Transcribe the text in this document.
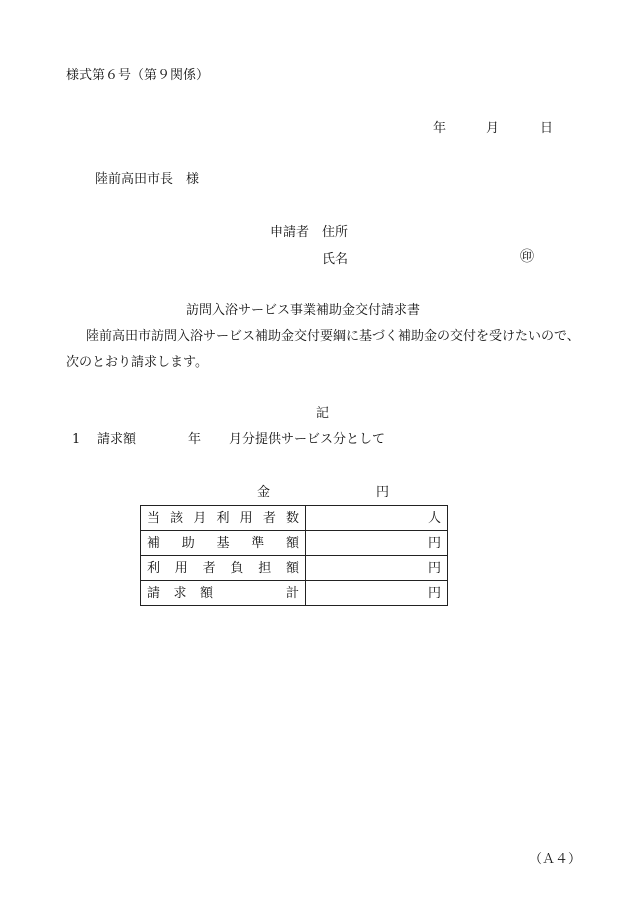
様式第６号（第９関係）
年	月	日
陸前高田市長　様
申請者 住所
氏名	㊞
訪問入浴サービス事業補助金交付請求書
陸前高田市訪問入浴サービス補助金交付要綱に基づく補助金の交付を受けたいので、
次のとおり請求します。
記
1 請求額	年 月分提供サービス分として
金	円
当該月利用者数	人
補助基準額	円
利用者負担額	円

請求額 計	円
（Ａ４）
